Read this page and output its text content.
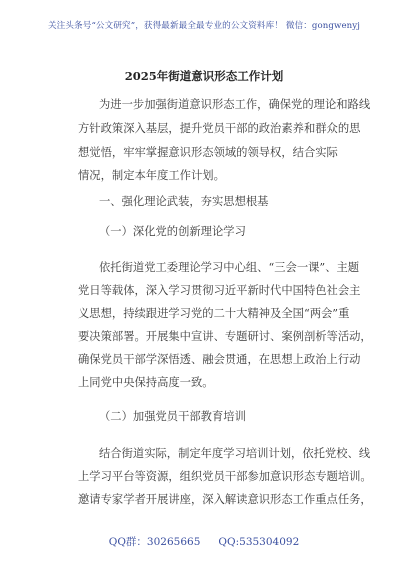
关注头条号“公文研究”，获得最新最全最专业的公文资料库！ 微信：gongwenyj
2025年街道意识形态工作计划
为进一步加强街道意识形态工作，确保党的理论和路线
方针政策深入基层，提升党员干部的政治素养和群众的思
想觉悟，牢牢掌握意识形态领域的领导权，结合实际
情况，制定本年度工作计划。
一、强化理论武装，夯实思想根基
（一）深化党的创新理论学习
依托街道党工委理论学习中心组、“三会一课”、主题
党日等载体，深入学习贯彻习近平新时代中国特色社会主
义思想，持续跟进学习党的二十大精神及全国“两会”重
要决策部署。开展集中宣讲、专题研讨、案例剖析等活动，
确保党员干部学深悟透、融会贯通，在思想上政治上行动
上同党中央保持高度一致。
（二）加强党员干部教育培训
结合街道实际，制定年度学习培训计划，依托党校、线
上学习平台等资源，组织党员干部参加意识形态专题培训。
邀请专家学者开展讲座，深入解读意识形态工作重点任务，
QQ群：30265665 QQ:535304092
